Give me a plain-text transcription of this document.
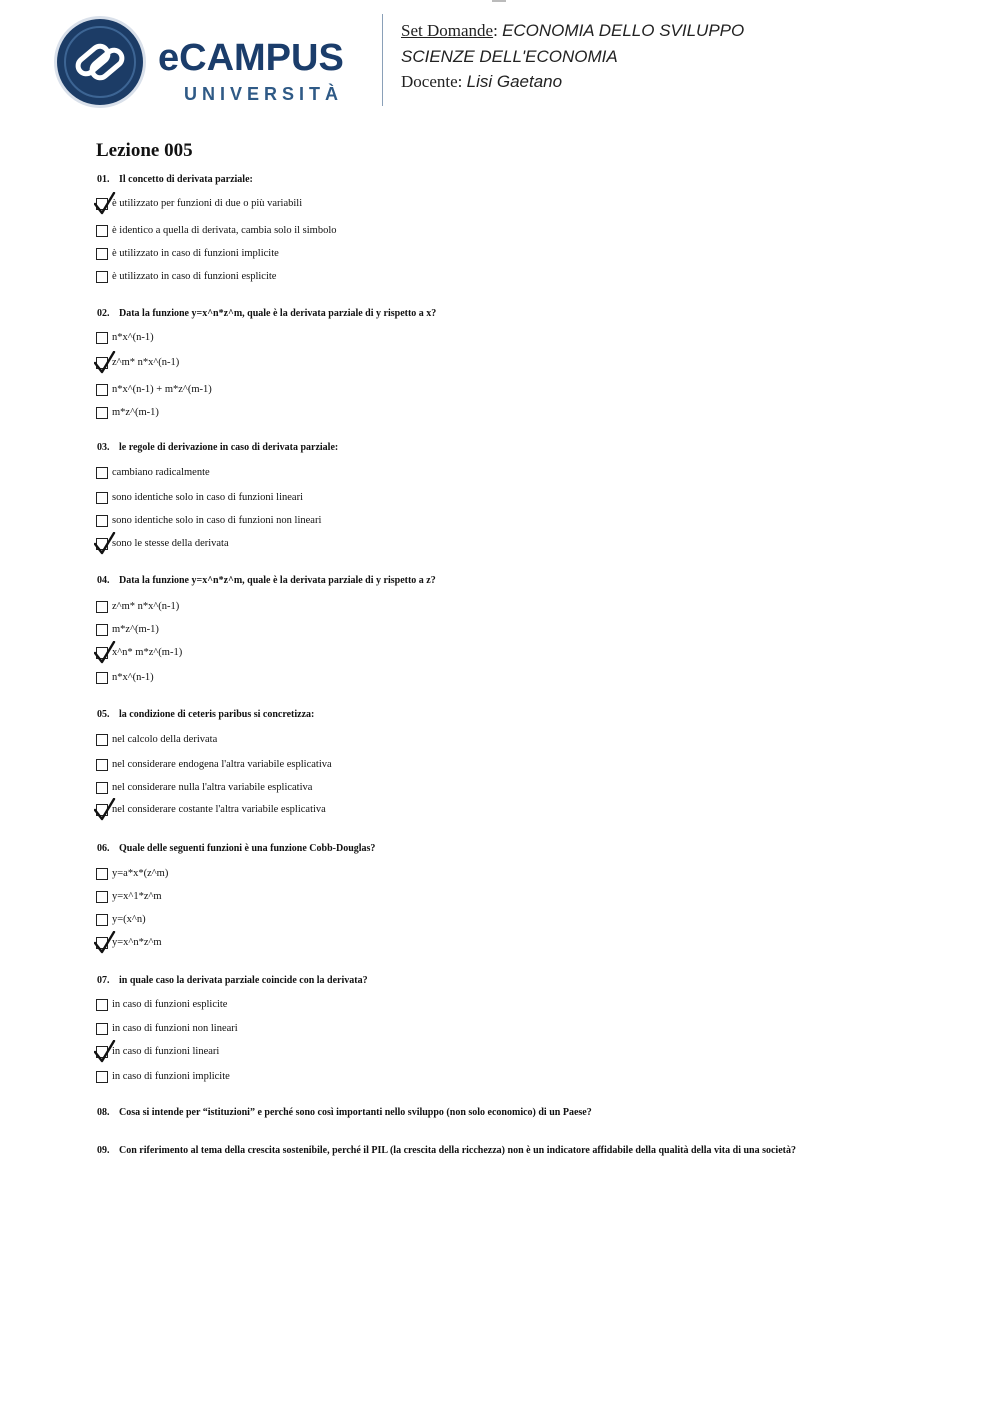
eCAMPUS
UNIVERSITÀ
Set Domande: ECONOMIA DELLO SVILUPPO
SCIENZE DELL'ECONOMIA
Docente: Lisi Gaetano
Lezione 005
01. Il concetto di derivata parziale:
è utilizzato per funzioni di due o più variabili
è identico a quella di derivata, cambia solo il simbolo
è utilizzato in caso di funzioni implicite
è utilizzato in caso di funzioni esplicite
02. Data la funzione y=x^n*z^m, quale è la derivata parziale di y rispetto a x?
n*x^(n-1)
z^m* n*x^(n-1)
n*x^(n-1) + m*z^(m-1)
m*z^(m-1)
03. le regole di derivazione in caso di derivata parziale:
cambiano radicalmente
sono identiche solo in caso di funzioni lineari
sono identiche solo in caso di funzioni non lineari
sono le stesse della derivata
04. Data la funzione y=x^n*z^m, quale è la derivata parziale di y rispetto a z?
z^m* n*x^(n-1)
m*z^(m-1)
x^n* m*z^(m-1)
n*x^(n-1)
05. la condizione di ceteris paribus si concretizza:
nel calcolo della derivata
nel considerare endogena l'altra variabile esplicativa
nel considerare nulla l'altra variabile esplicativa
nel considerare costante l'altra variabile esplicativa
06. Quale delle seguenti funzioni è una funzione Cobb-Douglas?
y=a*x*(z^m)
y=x^1*z^m
y=(x^n)
y=x^n*z^m
07. in quale caso la derivata parziale coincide con la derivata?
in caso di funzioni esplicite
in caso di funzioni non lineari
in caso di funzioni lineari
in caso di funzioni implicite
08. Cosa si intende per “istituzioni” e perché sono così importanti nello sviluppo (non solo economico) di un Paese?
09. Con riferimento al tema della crescita sostenibile, perché il PIL (la crescita della ricchezza) non è un indicatore affidabile della qualità della vita di una società?
